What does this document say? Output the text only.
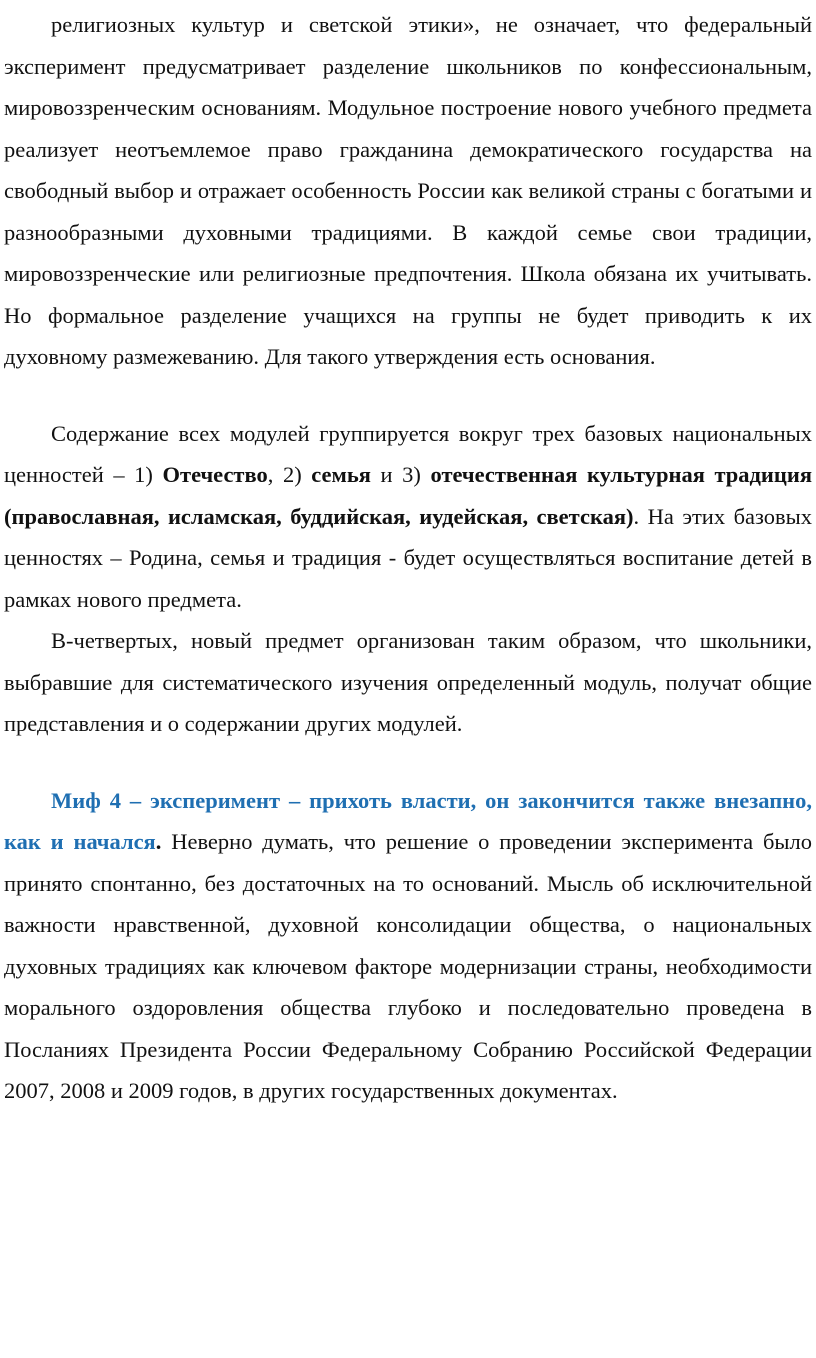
религиозных культур и светской этики», не означает, что федеральный эксперимент предусматривает разделение школьников по конфессиональным, мировоззренческим основаниям. Модульное построение нового учебного предмета реализует неотъемлемое право гражданина демократического государства на свободный выбор и отражает особенность России как великой страны с богатыми и разнообразными духовными традициями. В каждой семье свои традиции, мировоззренческие или религиозные предпочтения. Школа обязана их учитывать. Но формальное разделение учащихся на группы не будет приводить к их духовному размежеванию. Для такого утверждения есть основания.

Содержание всех модулей группируется вокруг трех базовых национальных ценностей – 1) Отечество, 2) семья и 3) отечественная культурная традиция (православная, исламская, буддийская, иудейская, светская). На этих базовых ценностях – Родина, семья и традиция - будет осуществляться воспитание детей в рамках нового предмета.

В-четвертых, новый предмет организован таким образом, что школьники, выбравшие для систематического изучения определенный модуль, получат общие представления и о содержании других модулей.

Миф 4 – эксперимент – прихоть власти, он закончится также внезапно, как и начался. Неверно думать, что решение о проведении эксперимента было принято спонтанно, без достаточных на то оснований. Мысль об исключительной важности нравственной, духовной консолидации общества, о национальных духовных традициях как ключевом факторе модернизации страны, необходимости морального оздоровления общества глубоко и последовательно проведена в Посланиях Президента России Федеральному Собранию Российской Федерации 2007, 2008 и 2009 годов, в других государственных документах.
